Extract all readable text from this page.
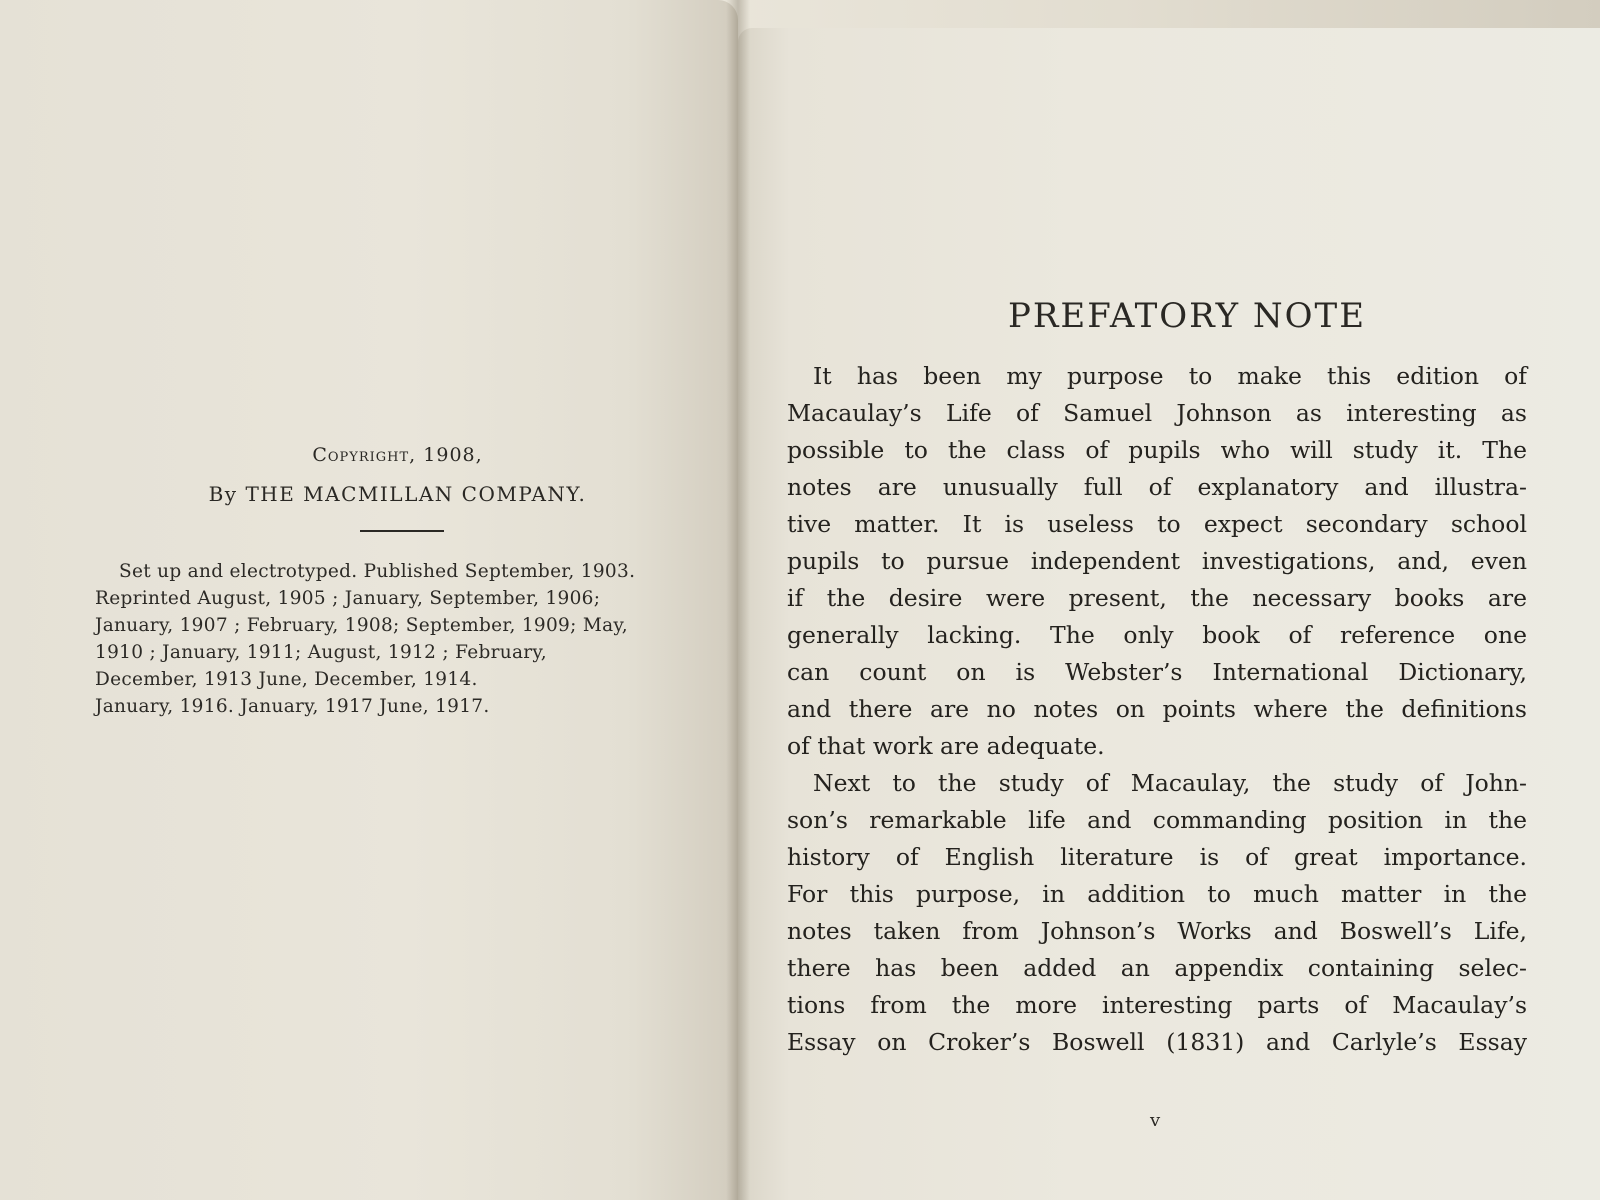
Copyright, 1908,
By THE MACMILLAN COMPANY.
Set up and electrotyped. Published September, 1903.
Reprinted August, 1905 ; January, September, 1906;
January, 1907 ; February, 1908; September, 1909; May,
1910 ; January, 1911; August, 1912 ; February,
December, 1913 June, December, 1914.
January, 1916. January, 1917 June, 1917.
PREFATORY NOTE
It has been my purpose to make this edition of
Macaulay’s Life of Samuel Johnson as interesting as
possible to the class of pupils who will study it. The
notes are unusually full of explanatory and illustra-
tive matter. It is useless to expect secondary school
pupils to pursue independent investigations, and, even
if the desire were present, the necessary books are
generally lacking. The only book of reference one
can count on is Webster’s International Dictionary,
and there are no notes on points where the definitions
of that work are adequate.
Next to the study of Macaulay, the study of John-
son’s remarkable life and commanding position in the
history of English literature is of great importance.
For this purpose, in addition to much matter in the
notes taken from Johnson’s Works and Boswell’s Life,
there has been added an appendix containing selec-
tions from the more interesting parts of Macaulay’s
Essay on Croker’s Boswell (1831) and Carlyle’s Essay
v
